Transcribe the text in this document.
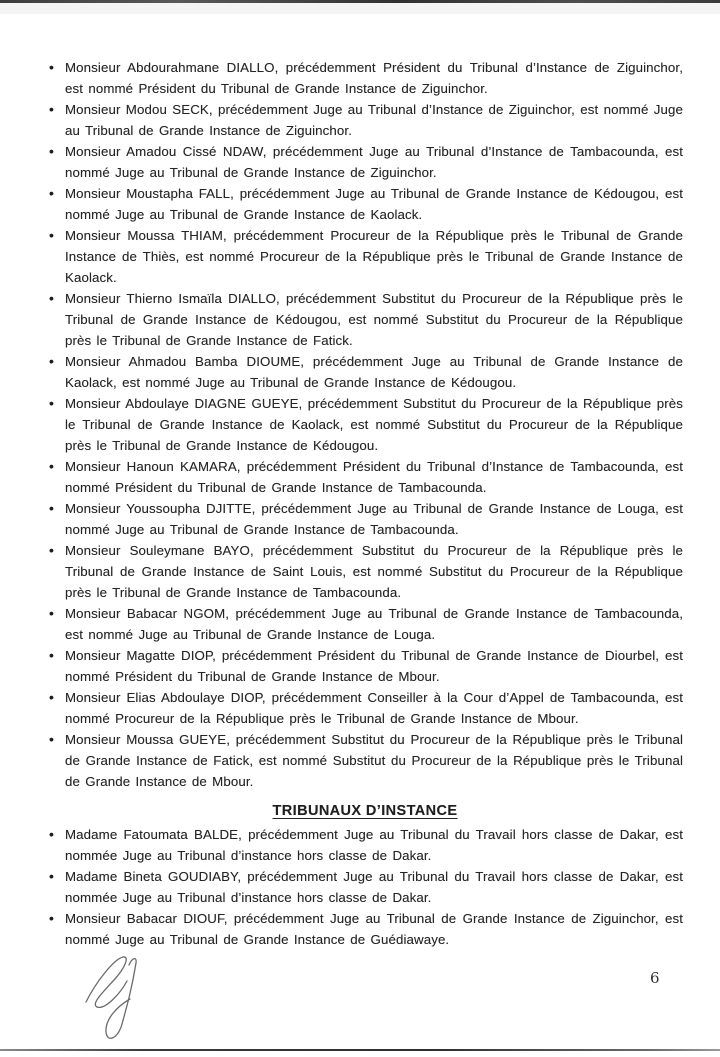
• Monsieur Abdourahmane DIALLO, précédemment Président du Tribunal d’Instance de Ziguinchor, est nommé Président du Tribunal de Grande Instance de Ziguinchor.
• Monsieur Modou SECK, précédemment Juge au Tribunal d’Instance de Ziguinchor, est nommé Juge au Tribunal de Grande Instance de Ziguinchor.
• Monsieur Amadou Cissé NDAW, précédemment Juge au Tribunal d’Instance de Tambacounda, est nommé Juge au Tribunal de Grande Instance de Ziguinchor.
• Monsieur Moustapha FALL, précédemment Juge au Tribunal de Grande Instance de Kédougou, est nommé Juge au Tribunal de Grande Instance de Kaolack.
• Monsieur Moussa THIAM, précédemment Procureur de la République près le Tribunal de Grande Instance de Thiès, est nommé Procureur de la République près le Tribunal de Grande Instance de Kaolack.
• Monsieur Thierno Ismaïla DIALLO, précédemment Substitut du Procureur de la République près le Tribunal de Grande Instance de Kédougou, est nommé Substitut du Procureur de la République près le Tribunal de Grande Instance de Fatick.
• Monsieur Ahmadou Bamba DIOUME, précédemment Juge au Tribunal de Grande Instance de Kaolack, est nommé Juge au Tribunal de Grande Instance de Kédougou.
• Monsieur Abdoulaye DIAGNE GUEYE, précédemment Substitut du Procureur de la République près le Tribunal de Grande Instance de Kaolack, est nommé Substitut du Procureur de la République près le Tribunal de Grande Instance de Kédougou.
• Monsieur Hanoun KAMARA, précédemment Président du Tribunal d’Instance de Tambacounda, est nommé Président du Tribunal de Grande Instance de Tambacounda.
• Monsieur Youssoupha DJITTE, précédemment Juge au Tribunal de Grande Instance de Louga, est nommé Juge au Tribunal de Grande Instance de Tambacounda.
• Monsieur Souleymane BAYO, précédemment Substitut du Procureur de la République près le Tribunal de Grande Instance de Saint Louis, est nommé Substitut du Procureur de la République près le Tribunal de Grande Instance de Tambacounda.
• Monsieur Babacar NGOM, précédemment Juge au Tribunal de Grande Instance de Tambacounda, est nommé Juge au Tribunal de Grande Instance de Louga.
• Monsieur Magatte DIOP, précédemment Président du Tribunal de Grande Instance de Diourbel, est nommé Président du Tribunal de Grande Instance de Mbour.
• Monsieur Elias Abdoulaye DIOP, précédemment Conseiller à la Cour d’Appel de Tambacounda, est nommé Procureur de la République près le Tribunal de Grande Instance de Mbour.
• Monsieur Moussa GUEYE, précédemment Substitut du Procureur de la République près le Tribunal de Grande Instance de Fatick, est nommé Substitut du Procureur de la République près le Tribunal de Grande Instance de Mbour.
TRIBUNAUX D’INSTANCE
• Madame Fatoumata BALDE, précédemment Juge au Tribunal du Travail hors classe de Dakar, est nommée Juge au Tribunal d’instance hors classe de Dakar.
• Madame Bineta GOUDIABY, précédemment Juge au Tribunal du Travail hors classe de Dakar, est nommée Juge au Tribunal d’instance hors classe de Dakar.
• Monsieur Babacar DIOUF, précédemment Juge au Tribunal de Grande Instance de Ziguinchor, est nommé Juge au Tribunal de Grande Instance de Guédiawaye.
6
